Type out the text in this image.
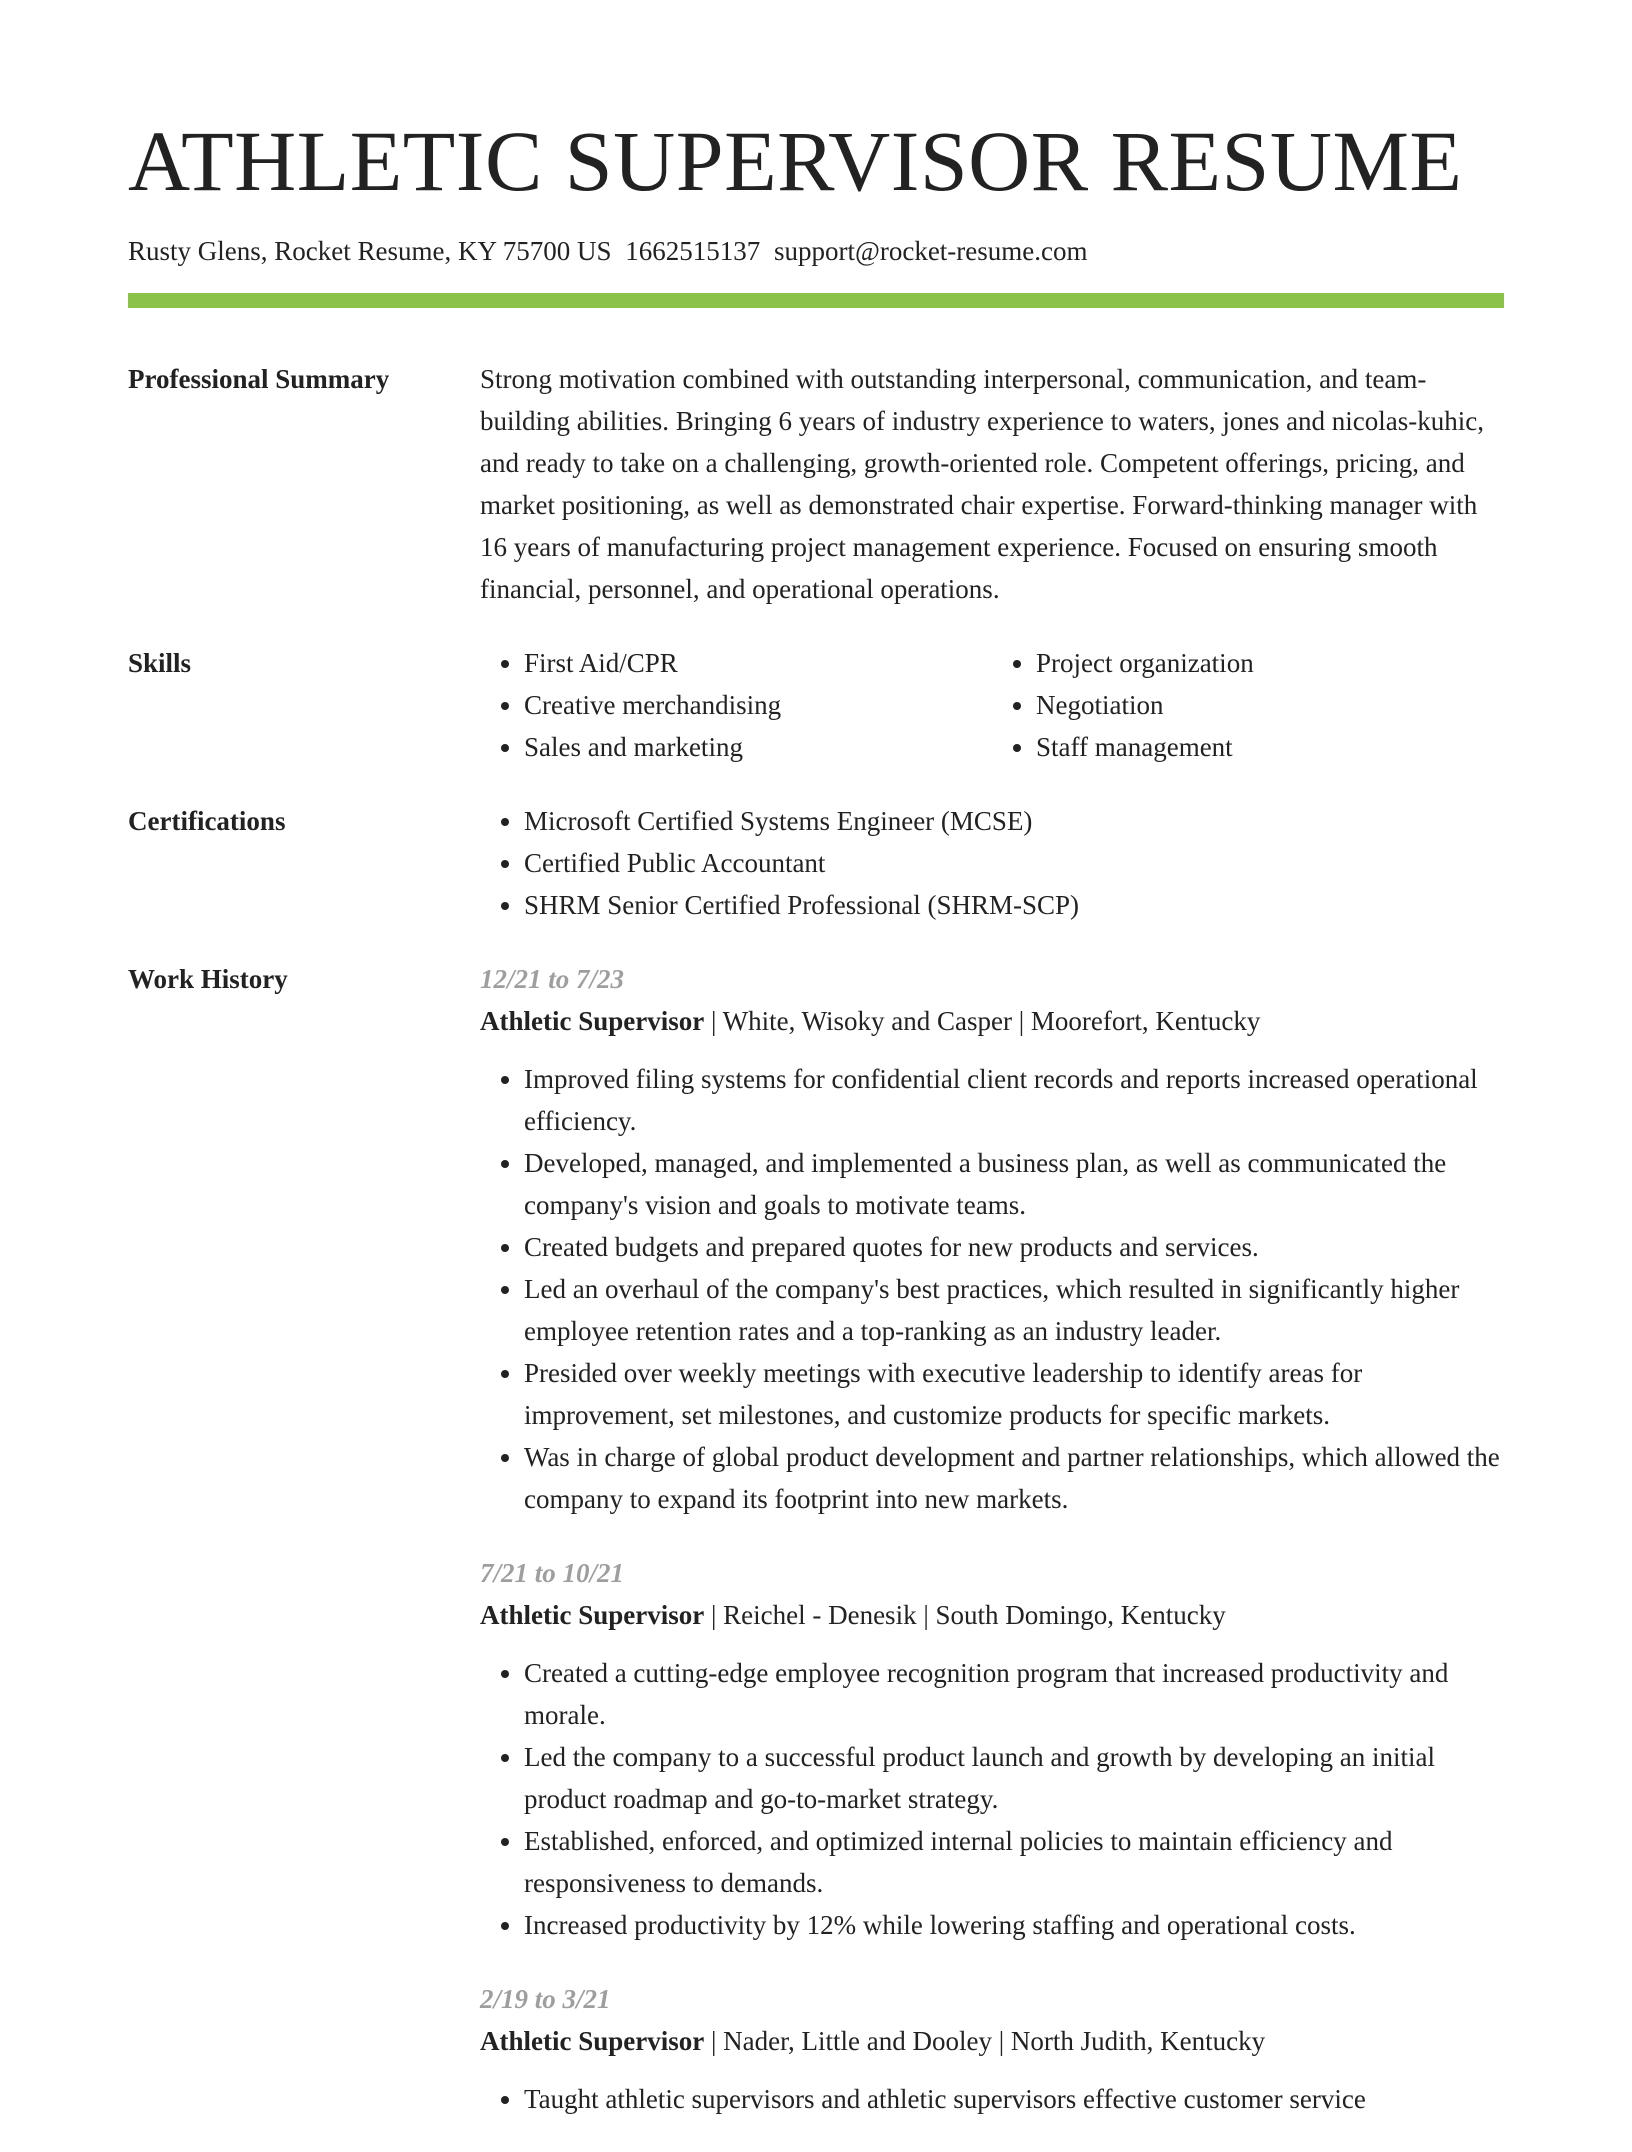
ATHLETIC SUPERVISOR RESUME
Rusty Glens, Rocket Resume, KY 75700 US 1662515137 support@rocket-resume.com
Professional Summary	Strong motivation combined with outstanding interpersonal, communication, and team-building abilities. Bringing 6 years of industry experience to waters, jones and nicolas-kuhic, and ready to take on a challenging, growth-oriented role. Competent offerings, pricing, and market positioning, as well as demonstrated chair expertise. Forward-thinking manager with 16 years of manufacturing project management experience. Focused on ensuring smooth financial, personnel, and operational operations.

Skills	• First Aid/CPR
• Creative merchandising
• Sales and marketing
• Project organization
• Negotiation
• Staff management
Certifications	• Microsoft Certified Systems Engineer (MCSE)
• Certified Public Accountant
• SHRM Senior Certified Professional (SHRM-SCP)
Work History	12/21 to 7/23
Athletic Supervisor | White, Wisoky and Casper | Moorefort, Kentucky
• Improved filing systems for confidential client records and reports increased operational efficiency.
• Developed, managed, and implemented a business plan, as well as communicated the company's vision and goals to motivate teams.
• Created budgets and prepared quotes for new products and services.
• Led an overhaul of the company's best practices, which resulted in significantly higher employee retention rates and a top-ranking as an industry leader.
• Presided over weekly meetings with executive leadership to identify areas for improvement, set milestones, and customize products for specific markets.
• Was in charge of global product development and partner relationships, which allowed the company to expand its footprint into new markets.
7/21 to 10/21
Athletic Supervisor | Reichel - Denesik | South Domingo, Kentucky
• Created a cutting-edge employee recognition program that increased productivity and morale.
• Led the company to a successful product launch and growth by developing an initial product roadmap and go-to-market strategy.
• Established, enforced, and optimized internal policies to maintain efficiency and responsiveness to demands.
• Increased productivity by 12% while lowering staffing and operational costs.
2/19 to 3/21
Athletic Supervisor | Nader, Little and Dooley | North Judith, Kentucky
• Taught athletic supervisors and athletic supervisors effective customer service
